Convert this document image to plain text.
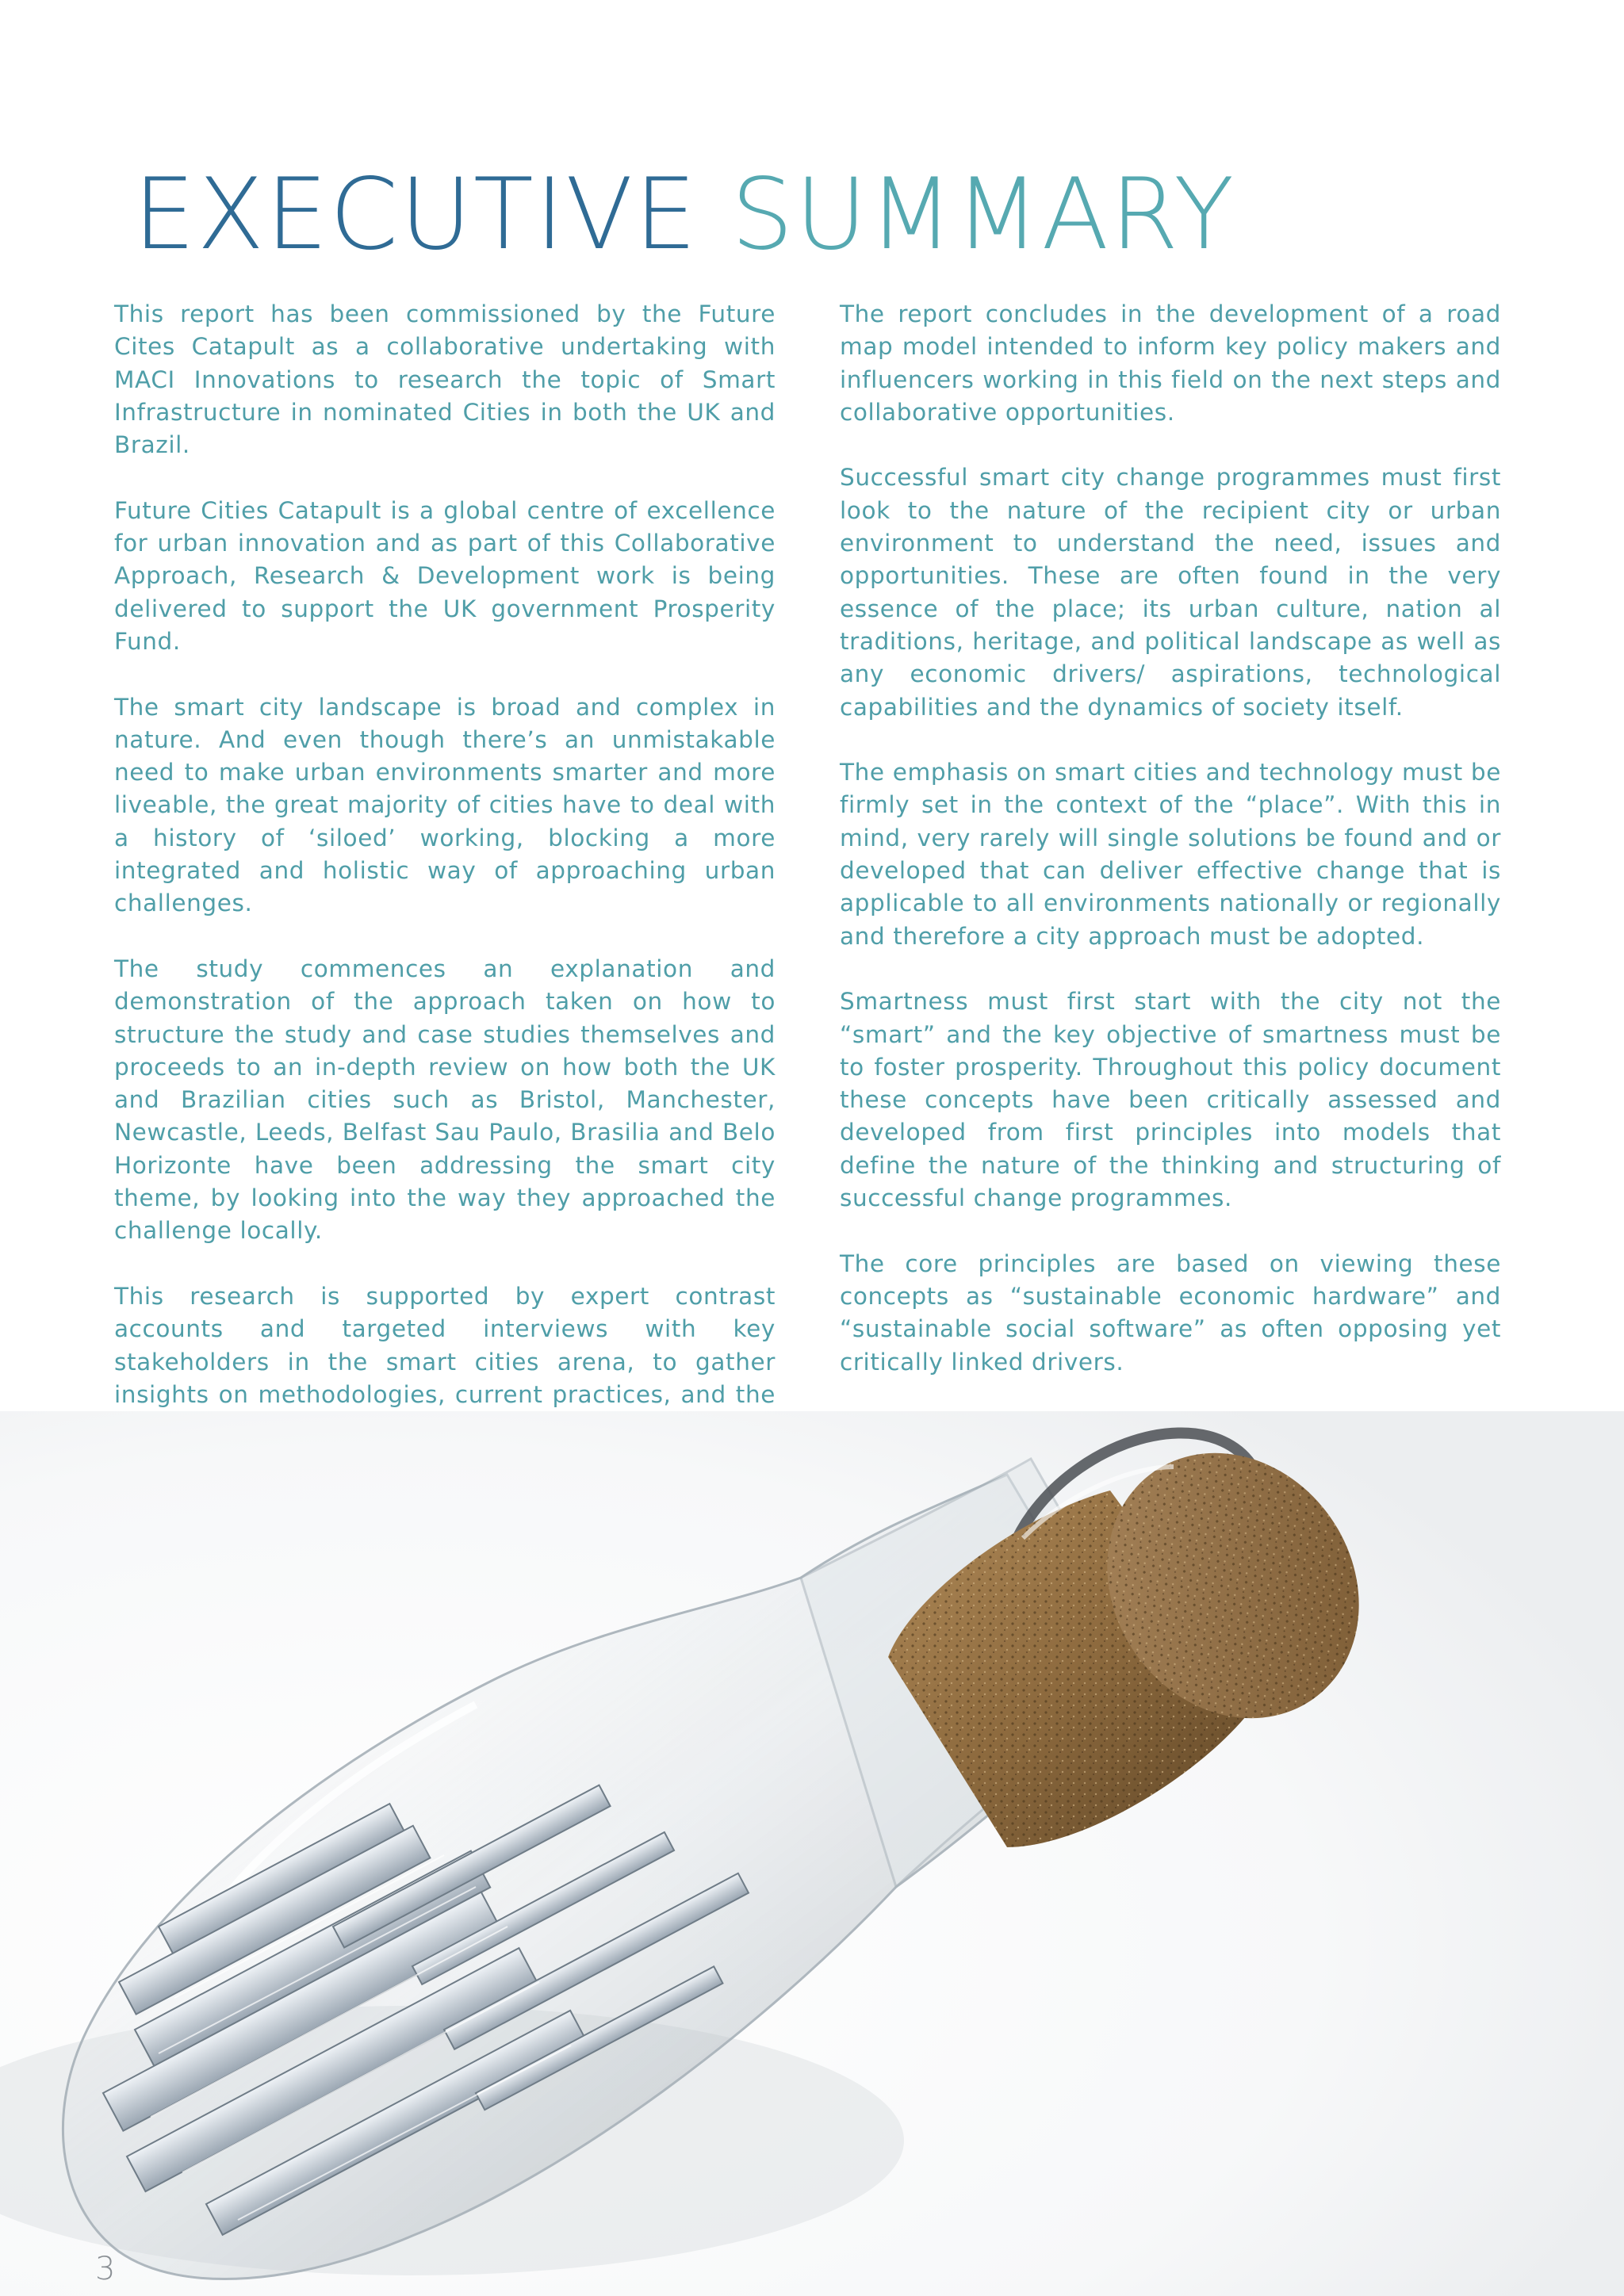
EXECUTIVE SUMMARY

This report has been commissioned by the Future Cites Catapult as a collaborative undertaking with MACI Innovations to research the topic of Smart Infrastructure in nominated Cities in both the UK and Brazil.

Future Cities Catapult is a global centre of excellence for urban innovation and as part of this Collaborative Approach, Research & Development work is being delivered to support the UK government Prosperity Fund.

The smart city landscape is broad and complex in nature. And even though there’s an unmistakable need to make urban environments smarter and more liveable, the great majority of cities have to deal with a history of ‘siloed’ working, blocking a more integrated and holistic way of approaching urban challenges.

The study commences an explanation and demonstration of the approach taken on how to structure the study and case studies themselves and proceeds to an in-depth review on how both the UK and Brazilian cities such as Bristol, Manchester, Newcastle, Leeds, Belfast Sau Paulo, Brasilia and Belo Horizonte have been addressing the smart city theme, by looking into the way they approached the challenge locally.

This research is supported by expert contrast accounts and targeted interviews with key stakeholders in the smart cities arena, to gather insights on methodologies, current practices, and the

The report concludes in the development of a road map model intended to inform key policy makers and influencers working in this field on the next steps and collaborative opportunities.

Successful smart city change programmes must first look to the nature of the recipient city or urban environment to understand the need, issues and opportunities. These are often found in the very essence of the place; its urban culture, nation al traditions, heritage, and political landscape as well as any economic drivers/ aspirations, technological capabilities and the dynamics of society itself.

The emphasis on smart cities and technology must be firmly set in the context of the “place”. With this in mind, very rarely will single solutions be found and or developed that can deliver effective change that is applicable to all environments nationally or regionally and therefore a city approach must be adopted.

Smartness must first start with the city not the “smart” and the key objective of smartness must be to foster prosperity. Throughout this policy document these concepts have been critically assessed and developed from first principles into models that define the nature of the thinking and structuring of successful change programmes.

The core principles are based on viewing these concepts as “sustainable economic hardware” and “sustainable social software” as often opposing yet critically linked drivers.

3
